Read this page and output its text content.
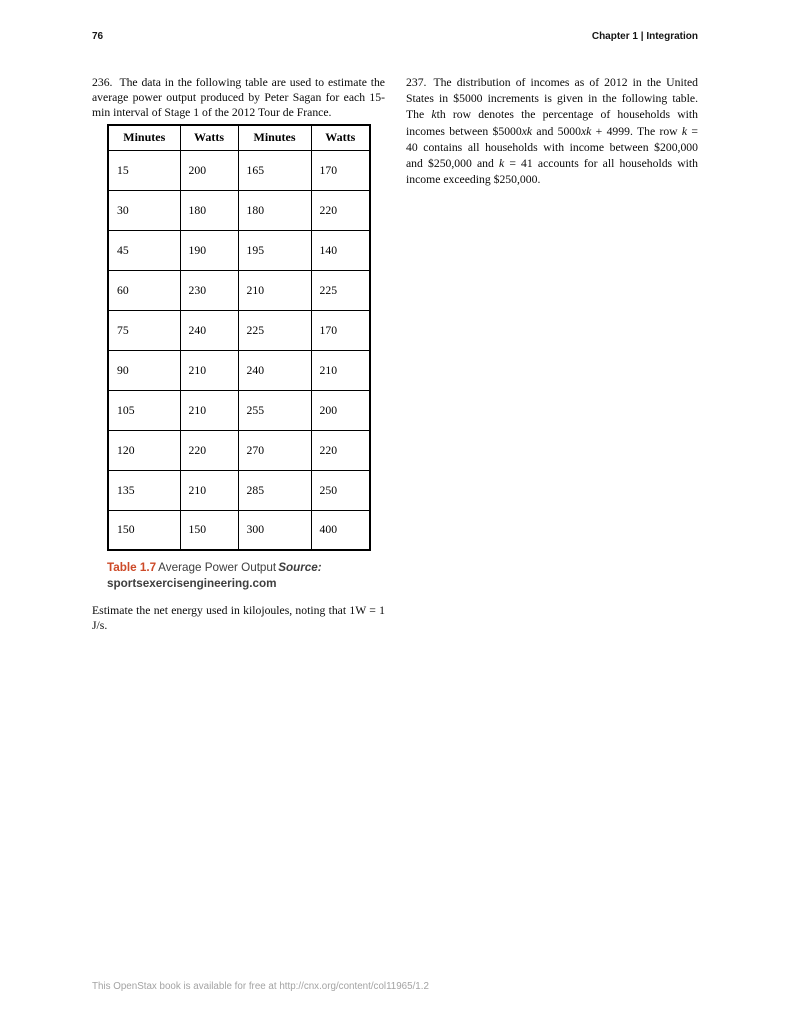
76	Chapter 1 | Integration

236. The data in the following table are used to estimate the average power output produced by Peter Sagan for each 15-min interval of Stage 1 of the 2012 Tour de France.

Minutes	Watts	Minutes	Watts
15	200	165	170
30	180	180	220
45	190	195	140
60	230	210	225
75	240	225	170
90	210	240	210
105	210	255	200
120	220	270	220
135	210	285	250
150	150	300	400

Table 1.7 Average Power Output Source:
sportsexercisengineering.com

Estimate the net energy used in kilojoules, noting that 1W = 1 J/s.

237. The distribution of incomes as of 2012 in the United States in $5000 increments is given in the following table. The kth row denotes the percentage of households with incomes between $5000xk and 5000xk + 4999. The row k = 40 contains all households with income between $200,000 and $250,000 and k = 41 accounts for all households with income exceeding $250,000.

This OpenStax book is available for free at http://cnx.org/content/col11965/1.2
